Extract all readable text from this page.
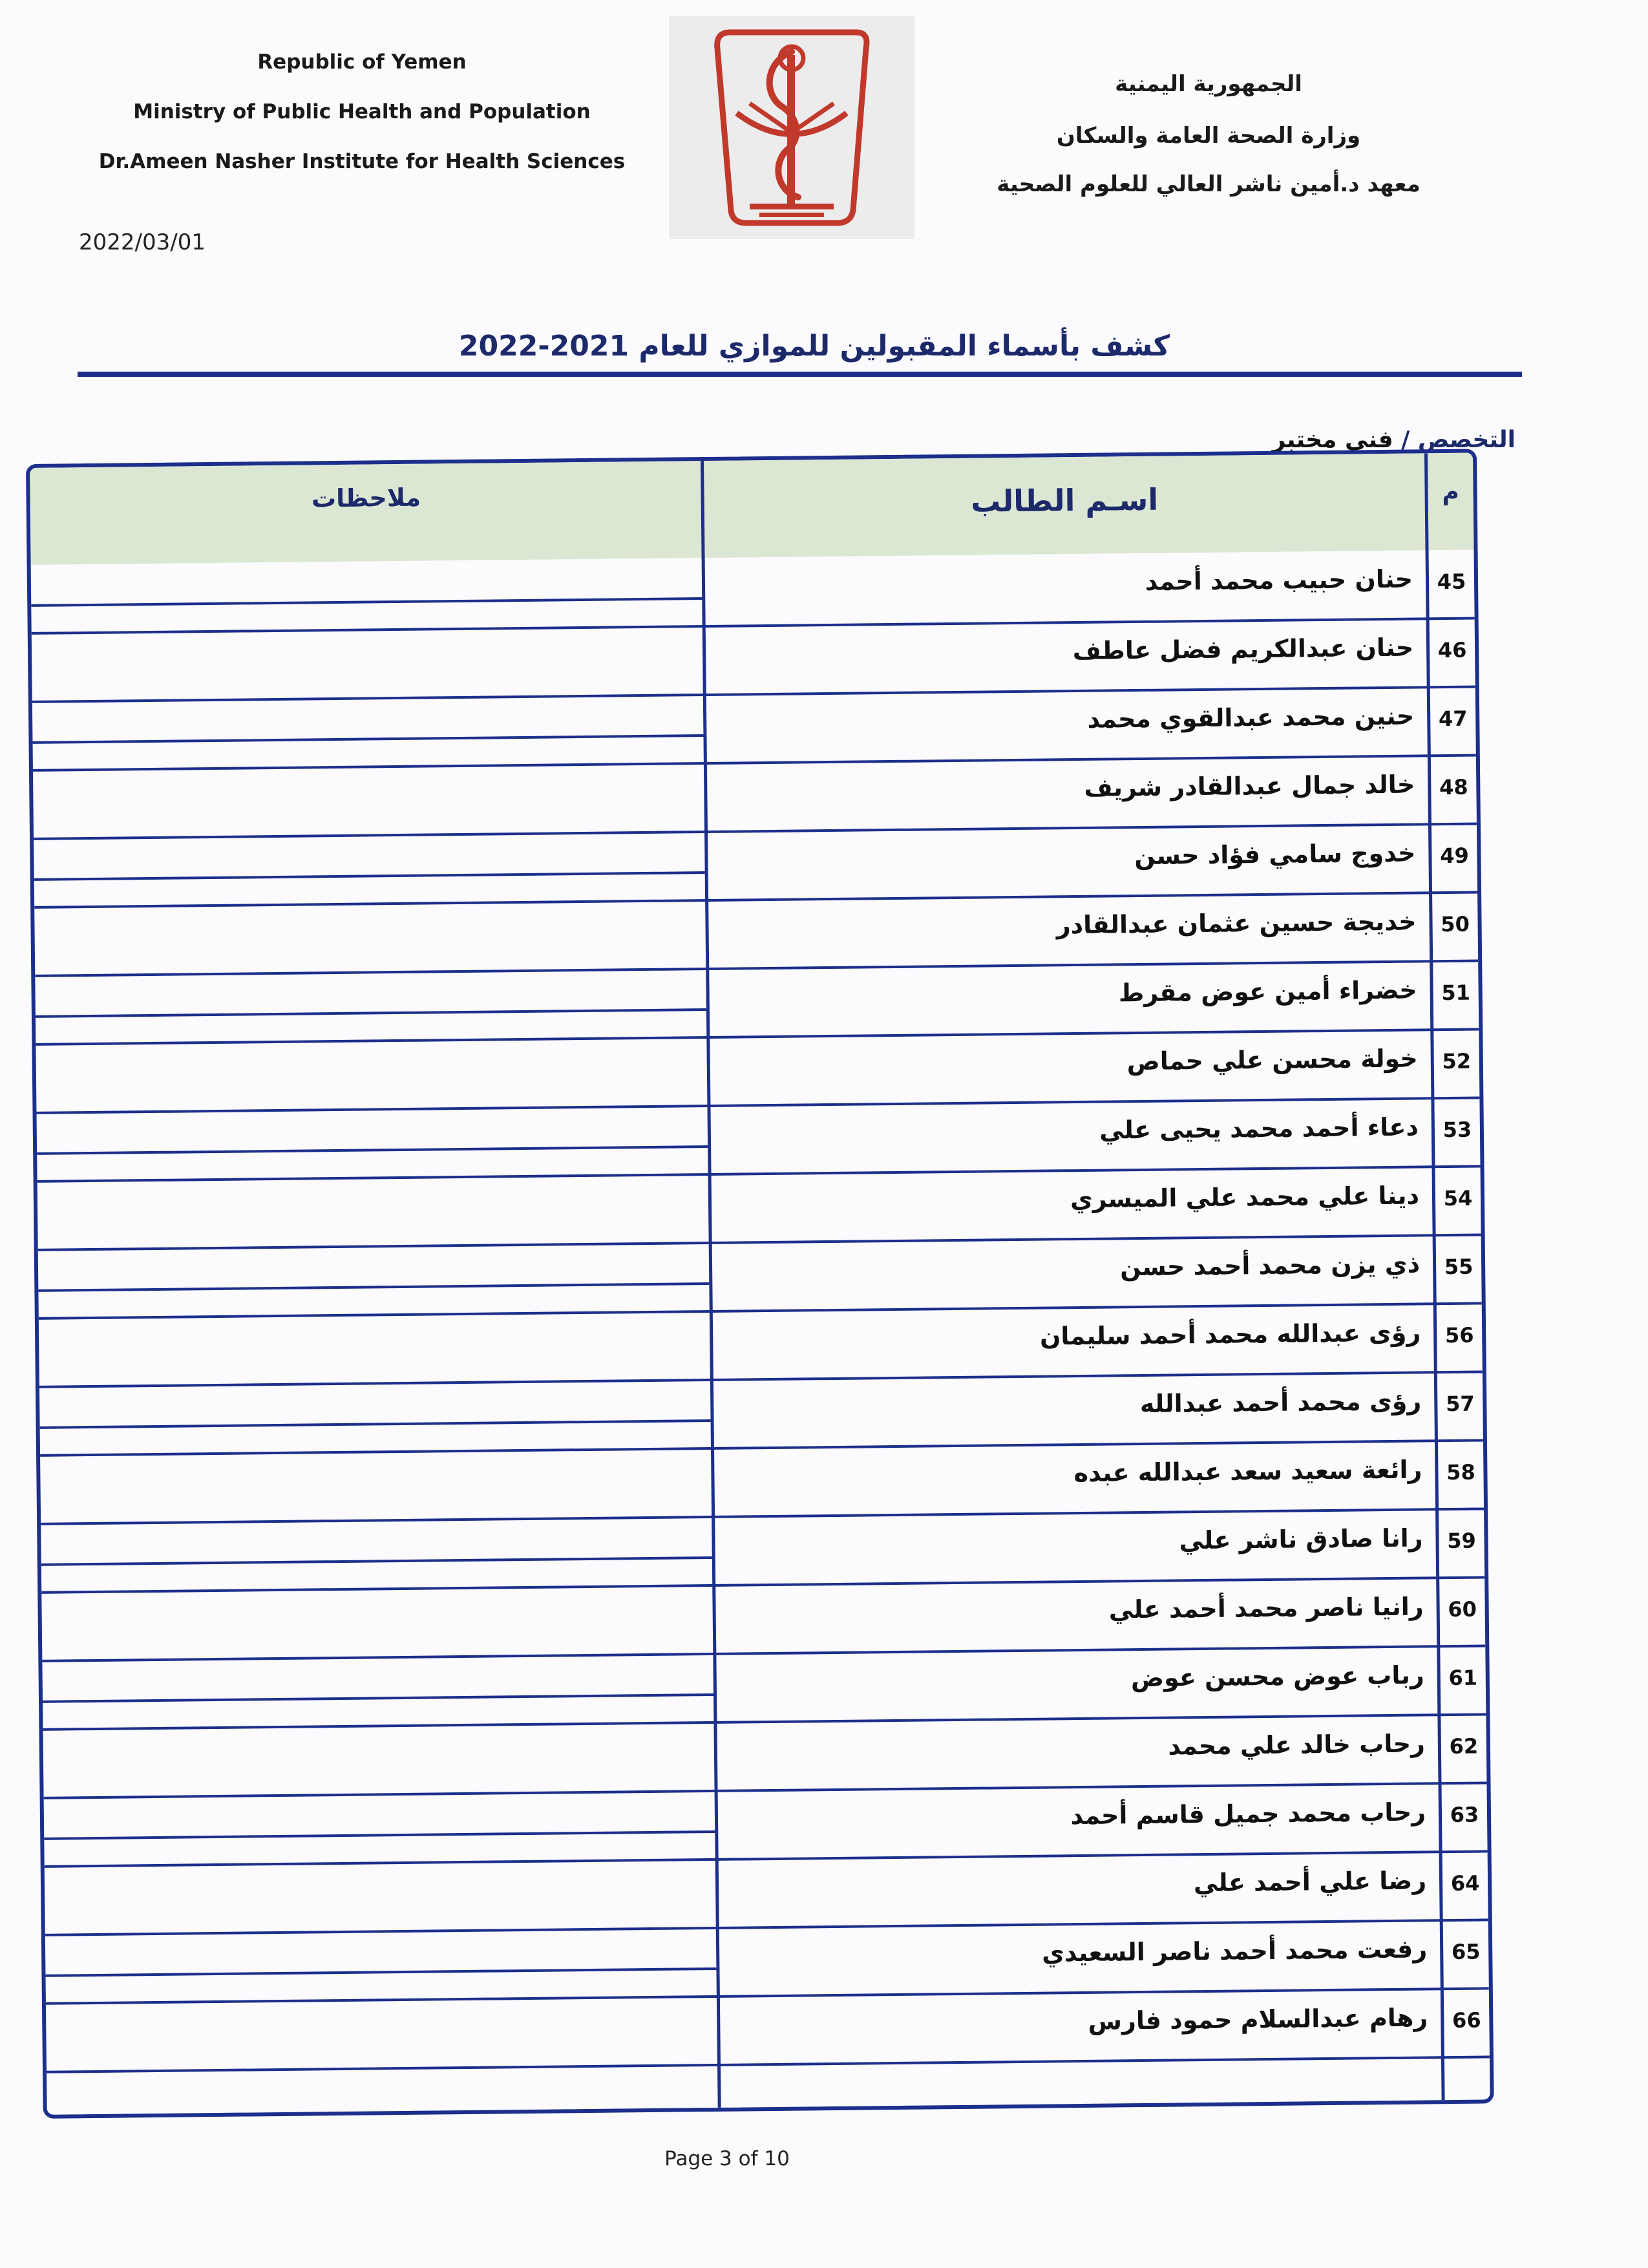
Republic of Yemen
Ministry of Public Health and Population
Dr.Ameen Nasher Institute for Health Sciences
الجمهورية اليمنية
وزارة الصحة العامة والسكان
معهد د.أمين ناشر العالي للعلوم الصحية
2022/03/01
كشف بأسماء المقبولين للموازي للعام 2021-2022
التخصص / فني مختبر
م
اسـم الطالب
ملاحظات
45
حنان حبيب محمد أحمد
46
حنان عبدالكريم فضل عاطف
47
حنين محمد عبدالقوي محمد
48
خالد جمال عبدالقادر شريف
49
خدوج سامي فؤاد حسن
50
خديجة حسين عثمان عبدالقادر
51
خضراء أمين عوض مقرط
52
خولة محسن علي حماص
53
دعاء أحمد محمد يحيى علي
54
دينا علي محمد علي الميسري
55
ذي يزن محمد أحمد حسن
56
رؤى عبدالله محمد أحمد سليمان
57
رؤى محمد أحمد عبدالله
58
رائعة سعيد سعد عبدالله عبده
59
رانا صادق ناشر علي
60
رانيا ناصر محمد أحمد علي
61
رباب عوض محسن عوض
62
رحاب خالد علي محمد
63
رحاب محمد جميل قاسم أحمد
64
رضا علي أحمد علي
65
رفعت محمد أحمد ناصر السعيدي
66
رهام عبدالسلام حمود فارس
Page 3 of 10
